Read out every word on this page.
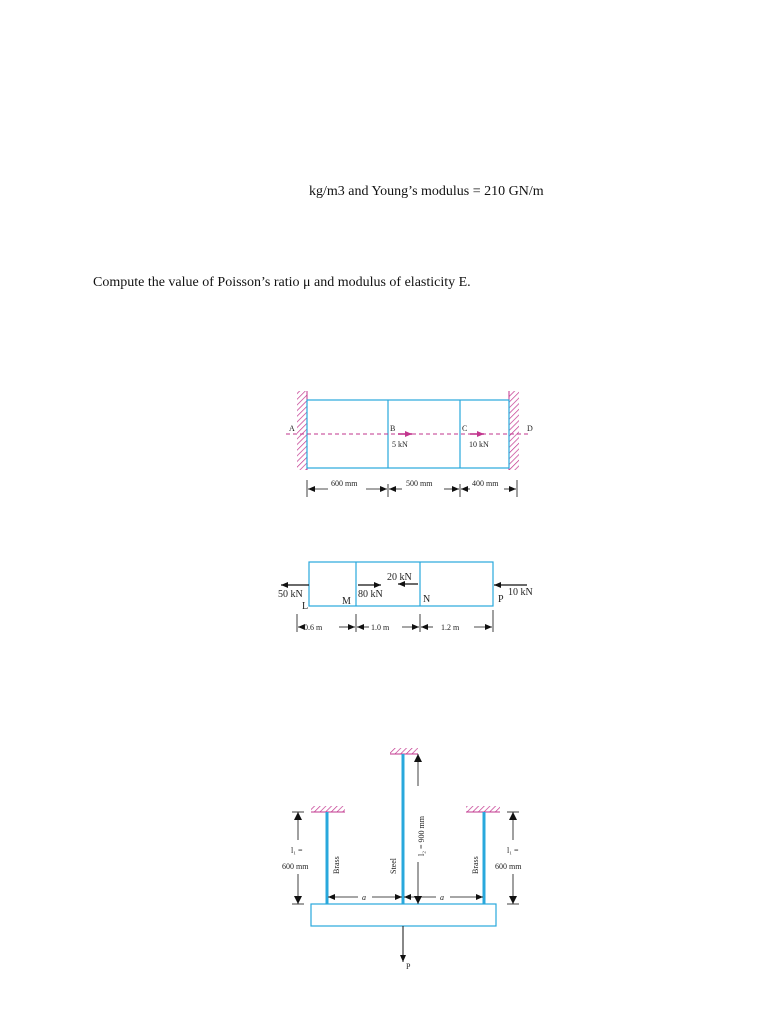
kg/m3 and Young’s modulus = 210 GN/m
Compute the value of Poisson’s ratio μ and modulus of elasticity E.
A	B	C	D
5 kN	10 kN
600 mm	500 mm	400 mm
50 kN	80 kN
20 kN
10 kN
L	M	N	P
0.6 m	1.0 m	1.2 m
Brass	Steel	Brass
l₂ = 900 mm
l₁ =
600 mm
l₁ =
600 mm
a	a
P
